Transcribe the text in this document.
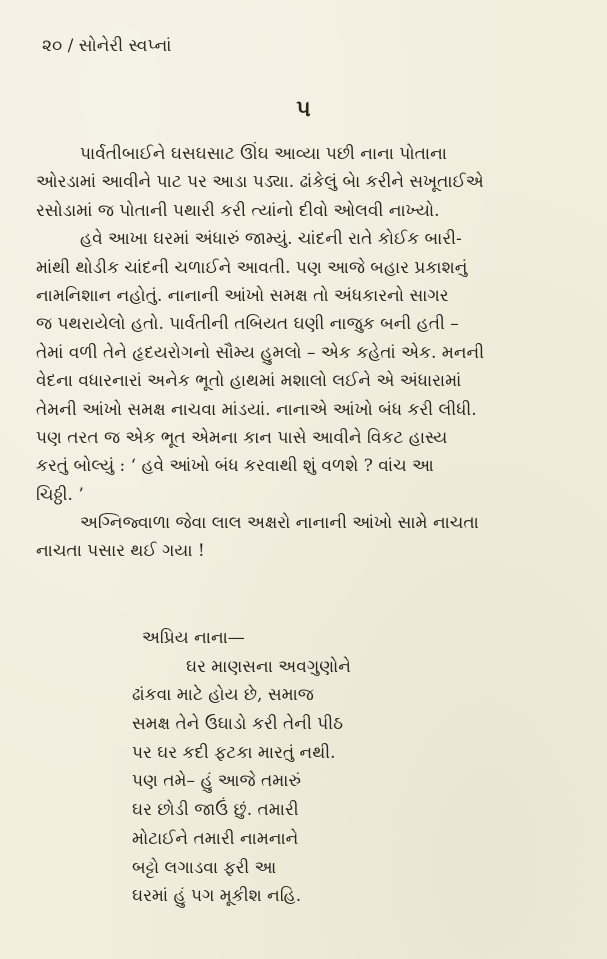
૨૦ / સોનેરી સ્વપ્નાં
૫
પાર્વતીબાઈને ઘસઘસાટ ઊંઘ આવ્યા પછી નાના પોતાના
ઓરડામાં આવીને પાટ પર આડા પડ્યા. ઢાંકેલું બેા કરીને સખૂતાઈએ
રસોડામાં જ પોતાની પથારી કરી ત્યાંનો દીવો ઓલવી નાખ્યો.
હવે આખા ઘરમાં અંધારું જામ્યું. ચાંદની રાતે કોઈક બારી-
માંથી થોડીક ચાંદની ચળાઈને આવતી. પણ આજે બહાર પ્રકાશનું
નામનિશાન નહોતું. નાનાની આંખો સમક્ષ તો અંધકારનો સાગર
જ પથરાયેલો હતો. પાર્વતીની તબિયત ઘણી નાજુક બની હતી –
તેમાં વળી તેને હૃદયરોગનો સૌમ્ય હુમલો – એક કહેતાં એક. મનની
વેદના વધારનારાં અનેક ભૂતો હાથમાં મશાલો લઈને એ અંધારામાં
તેમની આંખો સમક્ષ નાચવા માંડયાં. નાનાએ આંખો બંધ કરી લીધી.
પણ તરત જ એક ભૂત એમના કાન પાસે આવીને વિકટ હાસ્ય
કરતું બોલ્યું : ‘ હવે આંખો બંધ કરવાથી શું વળશે ? વાંચ આ
ચિઠ્ઠી. ’
અગ્નિજ્વાળા જેવા લાલ અક્ષરો નાનાની આંખો સામે નાચતા
નાચતા પસાર થઈ ગયા !
અપ્રિય નાના—
ઘર માણસના અવગુણોને
ઢાંકવા માટે હોય છે, સમાજ
સમક્ષ તેને ઉઘાડો કરી તેની પીઠ
પર ઘર કદી ફટકા મારતું નથી.
પણ તમે– હું આજે તમારું
ઘર છોડી જાઉં છું. તમારી
મોટાઈને તમારી નામનાને
બટ્ટો લગાડવા ફરી આ
ઘરમાં હું પગ મૂકીશ નહિ.
